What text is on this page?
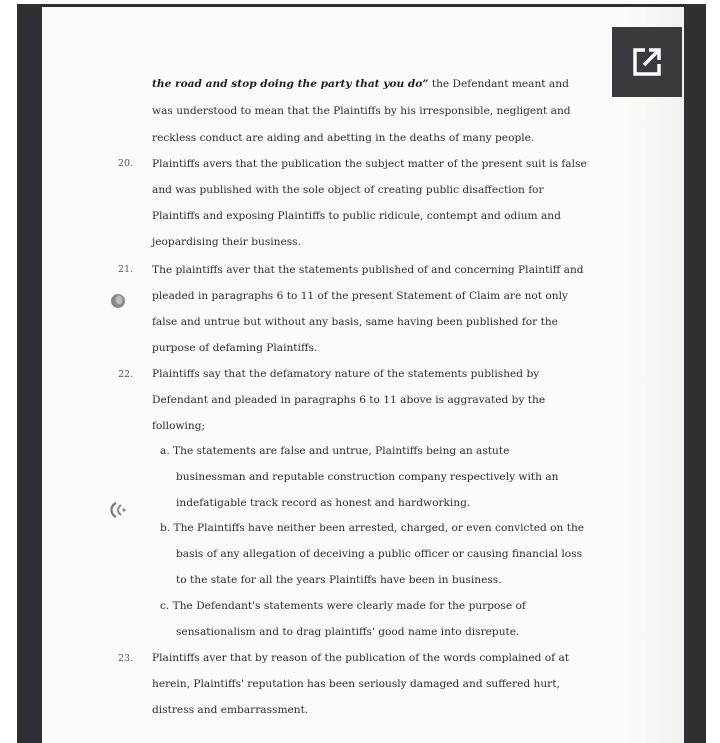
the road and stop doing the party that you do” the Defendant meant and
was understood to mean that the Plaintiffs by his irresponsible, negligent and
reckless conduct are aiding and abetting in the deaths of many people.
20. Plaintiffs avers that the publication the subject matter of the present suit is false
and was published with the sole object of creating public disaffection for
Plaintiffs and exposing Plaintiffs to public ridicule, contempt and odium and
jeopardising their business.
21. The plaintiffs aver that the statements published of and concerning Plaintiff and
pleaded in paragraphs 6 to 11 of the present Statement of Claim are not only
false and untrue but without any basis, same having been published for the
purpose of defaming Plaintiffs.
22. Plaintiffs say that the defamatory nature of the statements published by
Defendant and pleaded in paragraphs 6 to 11 above is aggravated by the
following;
a. The statements are false and untrue, Plaintiffs being an astute
businessman and reputable construction company respectively with an
indefatigable track record as honest and hardworking.
b. The Plaintiffs have neither been arrested, charged, or even convicted on the
basis of any allegation of deceiving a public officer or causing financial loss
to the state for all the years Plaintiffs have been in business.
c. The Defendant's statements were clearly made for the purpose of
sensationalism and to drag plaintiffs' good name into disrepute.
23. Plaintiffs aver that by reason of the publication of the words complained of at
herein, Plaintiffs' reputation has been seriously damaged and suffered hurt,
distress and embarrassment.
